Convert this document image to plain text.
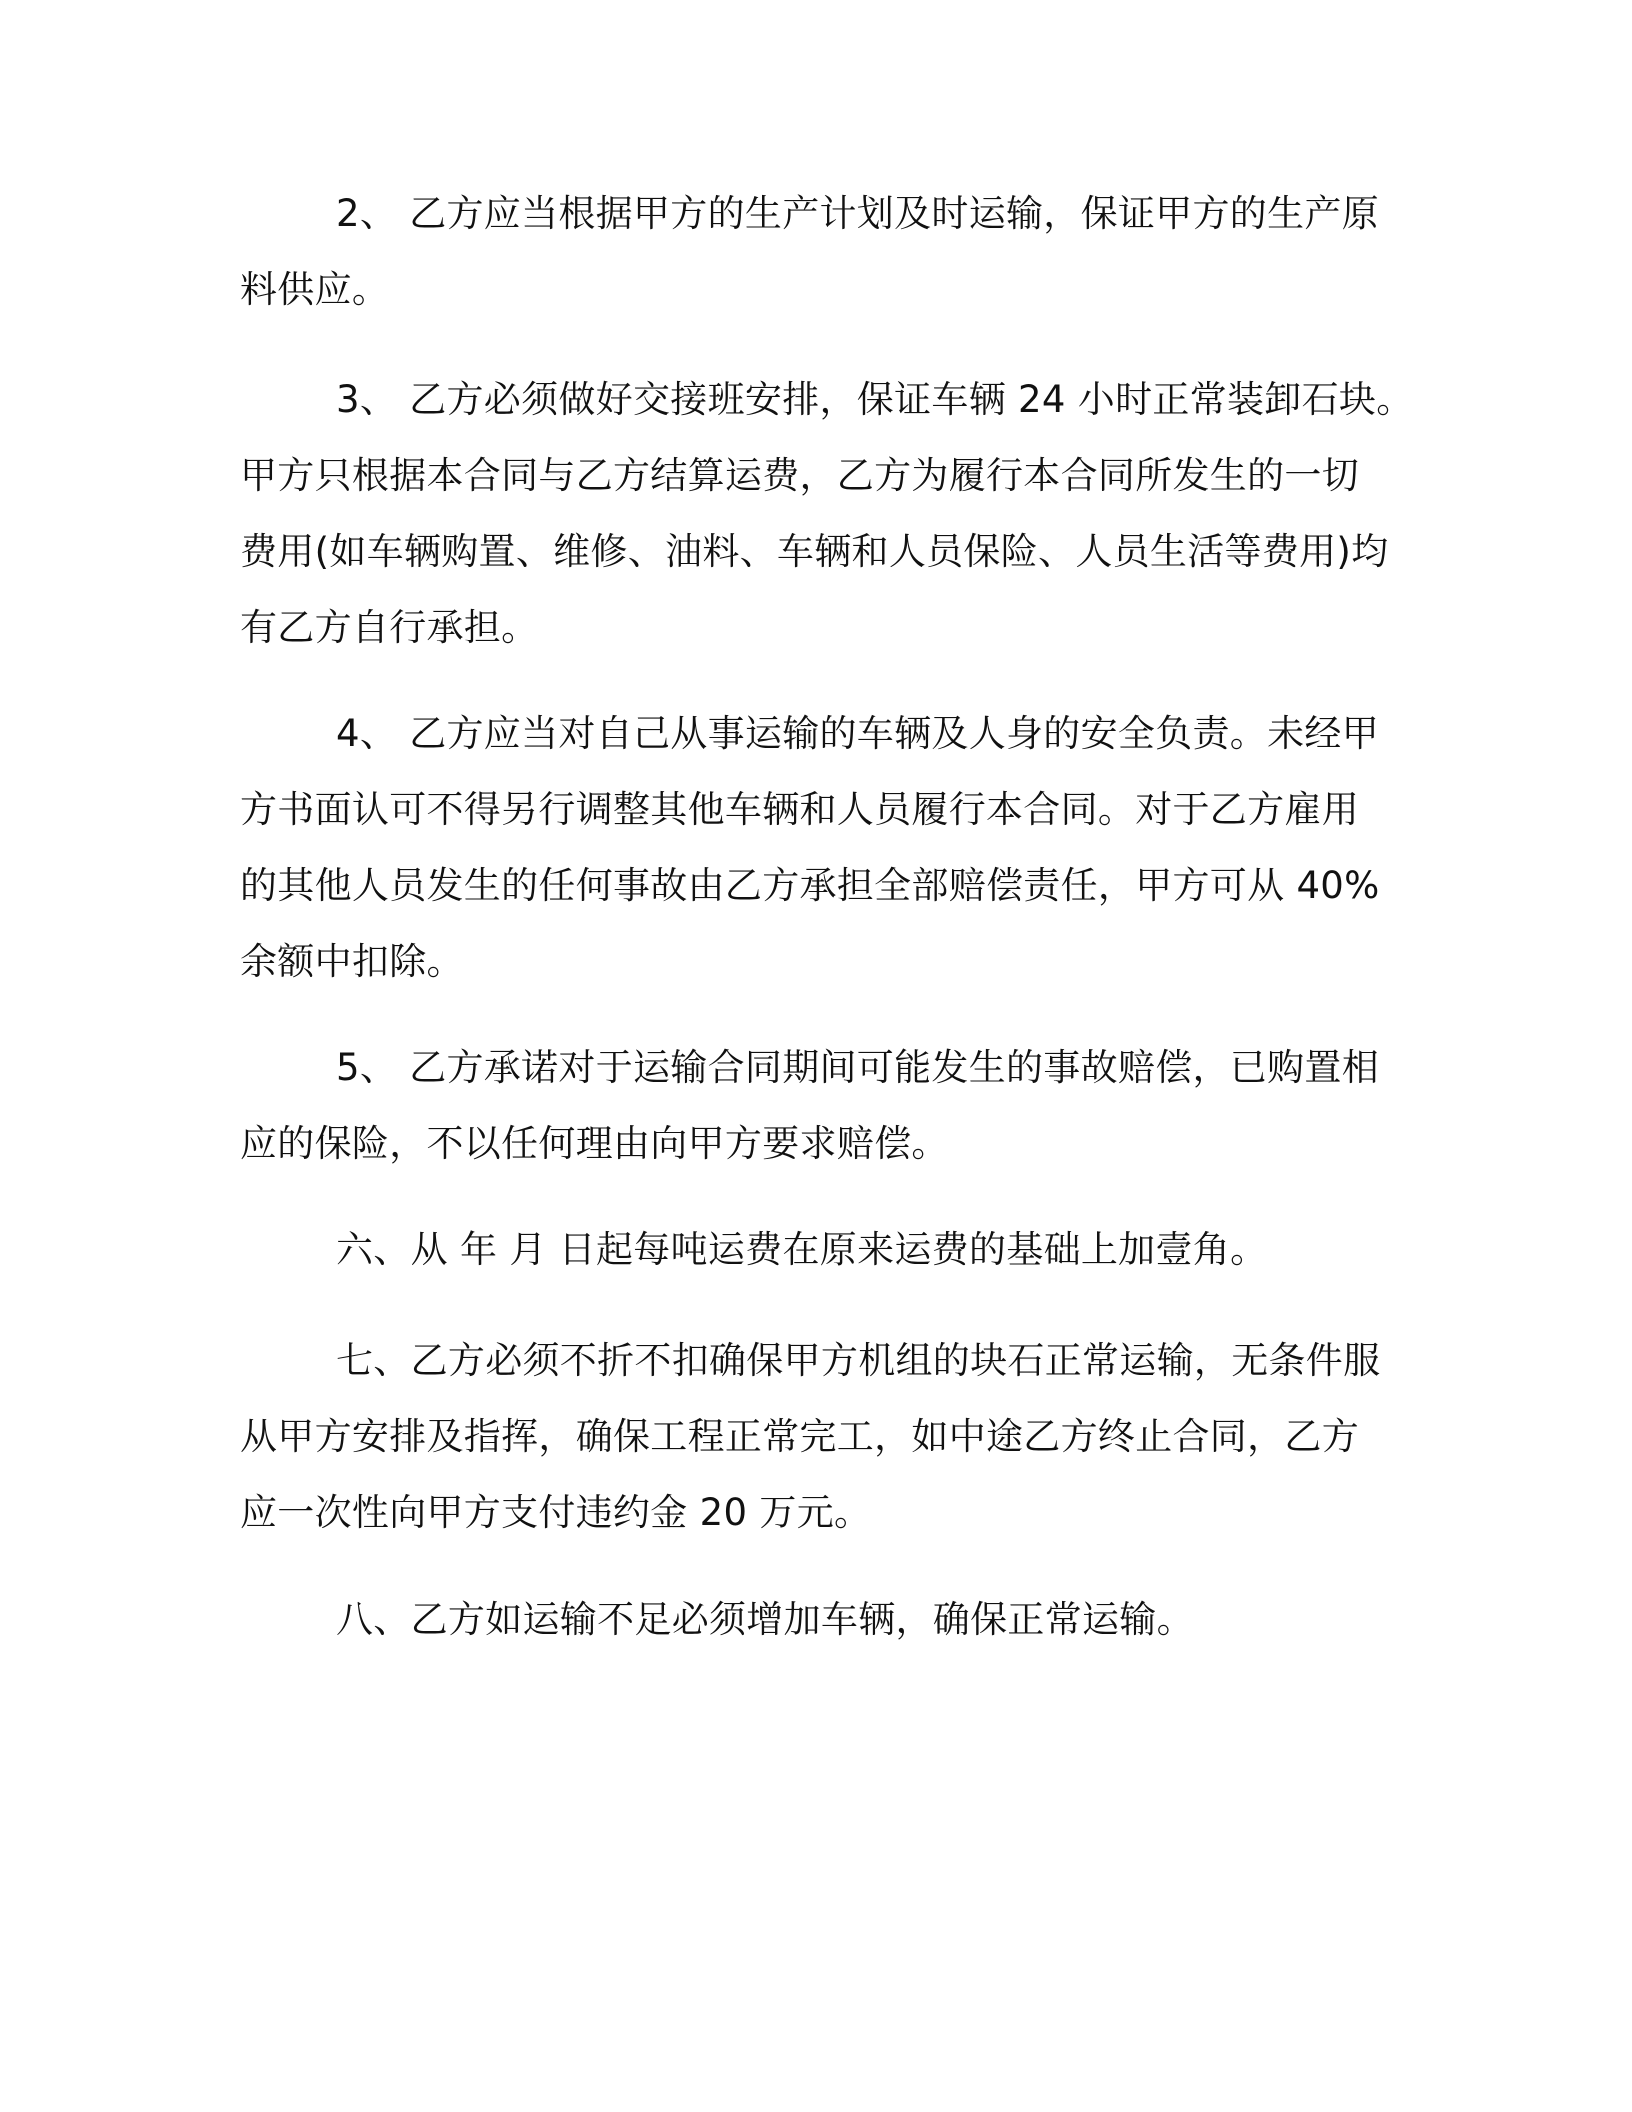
2、 乙方应当根据甲方的生产计划及时运输，保证甲方的生产原
料供应。

3、 乙方必须做好交接班安排，保证车辆 24 小时正常装卸石块。
甲方只根据本合同与乙方结算运费，乙方为履行本合同所发生的一切
费用(如车辆购置、维修、油料、车辆和人员保险、人员生活等费用)均
有乙方自行承担。

4、 乙方应当对自己从事运输的车辆及人身的安全负责。未经甲
方书面认可不得另行调整其他车辆和人员履行本合同。对于乙方雇用
的其他人员发生的任何事故由乙方承担全部赔偿责任，甲方可从 40%
余额中扣除。

5、 乙方承诺对于运输合同期间可能发生的事故赔偿，已购置相
应的保险，不以任何理由向甲方要求赔偿。

六、从 年 月 日起每吨运费在原来运费的基础上加壹角。

七、乙方必须不折不扣确保甲方机组的块石正常运输，无条件服
从甲方安排及指挥，确保工程正常完工，如中途乙方终止合同，乙方
应一次性向甲方支付违约金 20 万元。

八、乙方如运输不足必须增加车辆，确保正常运输。
